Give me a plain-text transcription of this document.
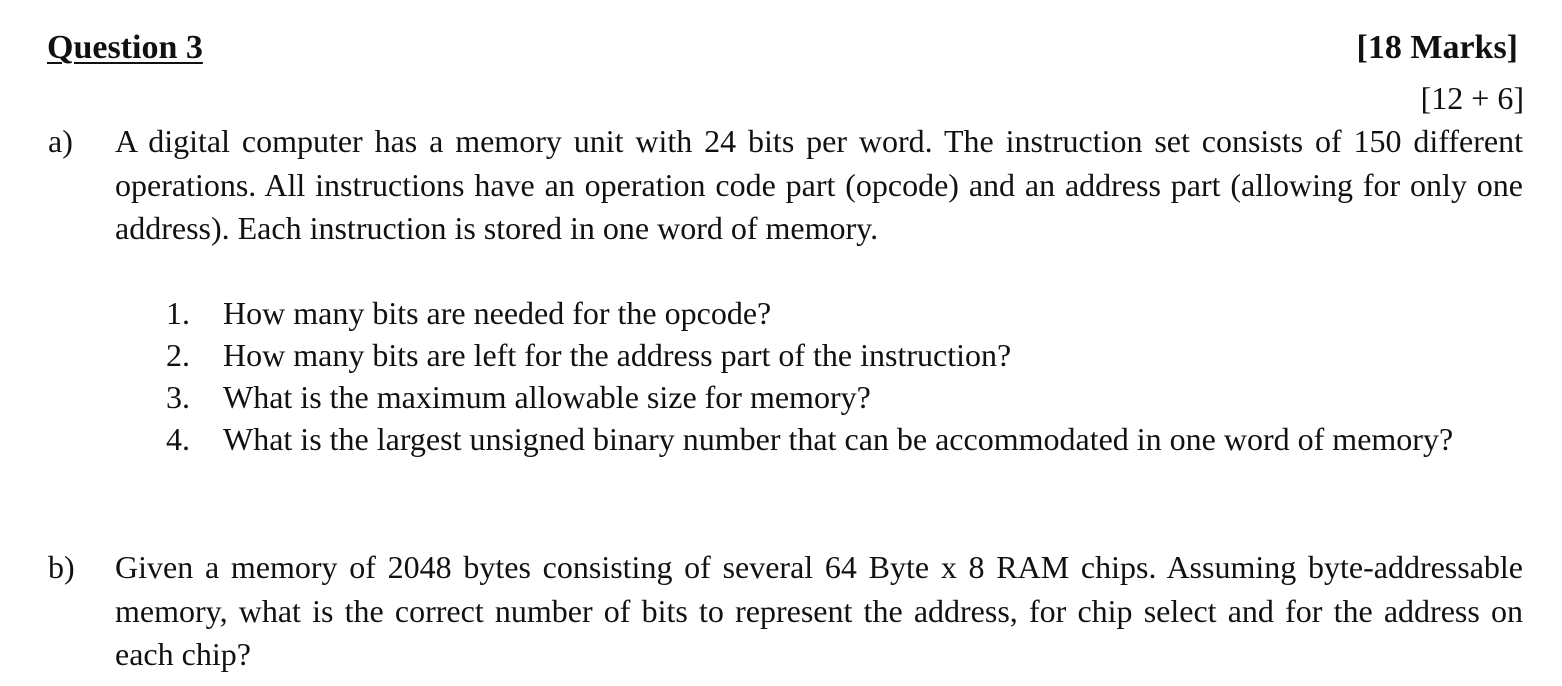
Question 3	[18 Marks]
[12 + 6]
a) A digital computer has a memory unit with 24 bits per word. The instruction set consists of 150 different operations. All instructions have an operation code part (opcode) and an address part (allowing for only one address). Each instruction is stored in one word of memory.
1.	How many bits are needed for the opcode?
2.	How many bits are left for the address part of the instruction?
3.	What is the maximum allowable size for memory?
4.	What is the largest unsigned binary number that can be accommodated in one word of memory?
b) Given a memory of 2048 bytes consisting of several 64 Byte x 8 RAM chips. Assuming byte-addressable memory, what is the correct number of bits to represent the address, for chip select and for the address on each chip?
